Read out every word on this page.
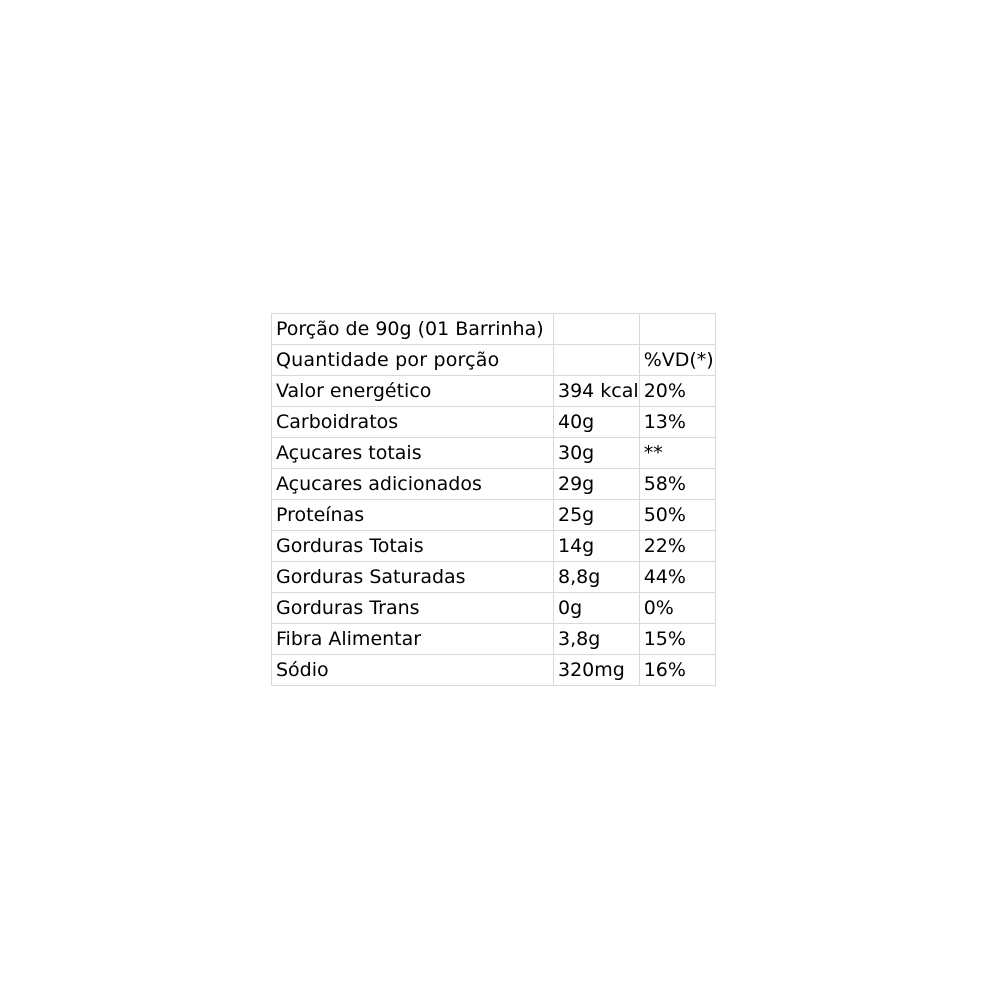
Porção de 90g (01 Barrinha)		
Quantidade por porção		%VD(*)
Valor energético	394 kcal	20%
Carboidratos	40g	13%
Açucares totais	30g	**
Açucares adicionados	29g	58%
Proteínas	25g	50%
Gorduras Totais	14g	22%
Gorduras Saturadas	8,8g	44%
Gorduras Trans	0g	0%
Fibra Alimentar	3,8g	15%
Sódio	320mg	16%
